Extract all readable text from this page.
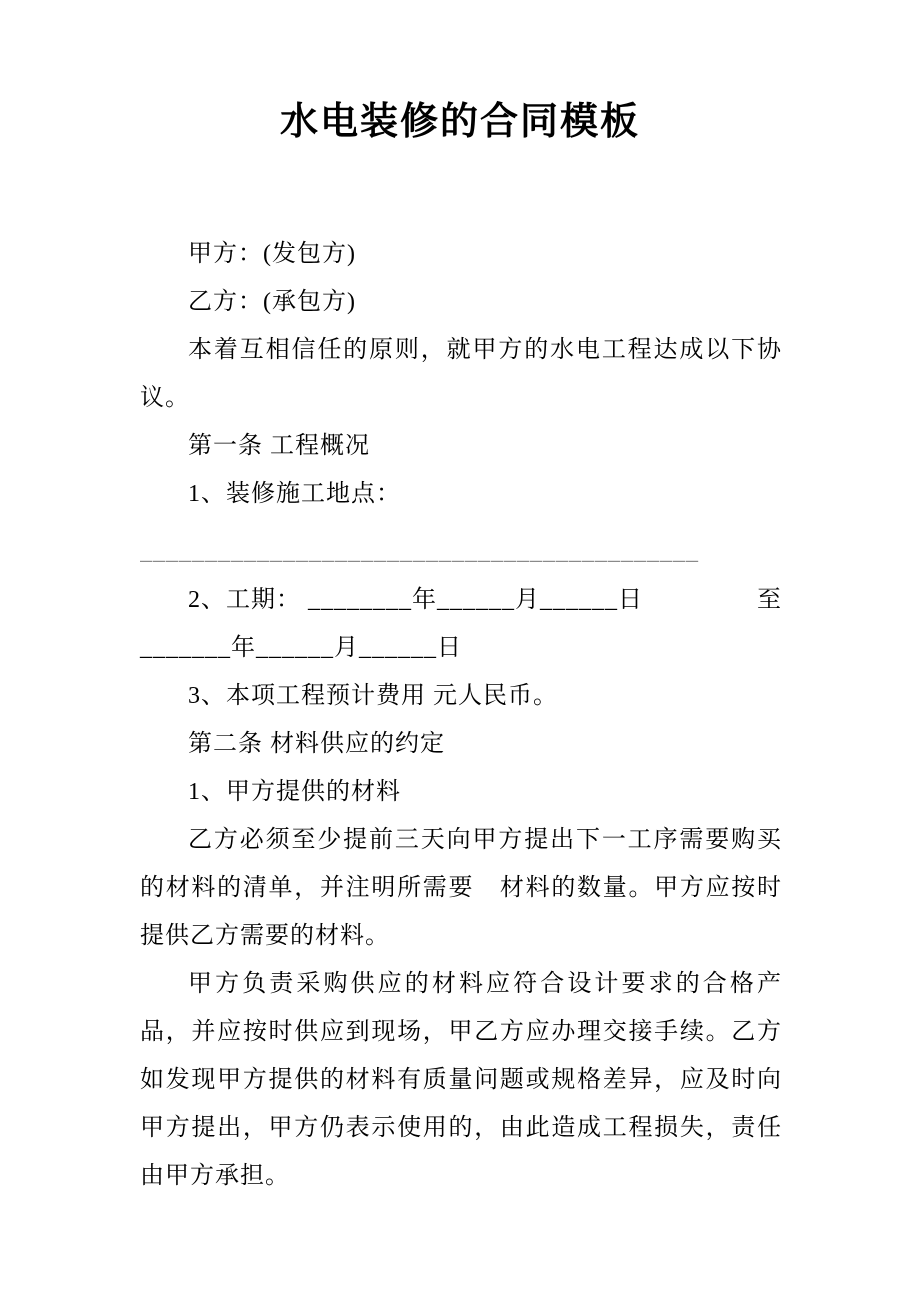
水电装修的合同模板

甲方：(发包方)

乙方：(承包方)

本着互相信任的原则，就甲方的水电工程达成以下协议。

第一条 工程概况

1、装修施工地点：

___________________________________________

2、工期： ________年______月______日	至

_______年______月______日

3、本项工程预计费用 元人民币。

第二条 材料供应的约定

1、甲方提供的材料

乙方必须至少提前三天向甲方提出下一工序需要购买的材料的清单，并注明所需要　材料的数量。甲方应按时提供乙方需要的材料。

甲方负责采购供应的材料应符合设计要求的合格产品，并应按时供应到现场，甲乙方应办理交接手续。乙方如发现甲方提供的材料有质量问题或规格差异，应及时向甲方提出，甲方仍表示使用的，由此造成工程损失，责任由甲方承担。
